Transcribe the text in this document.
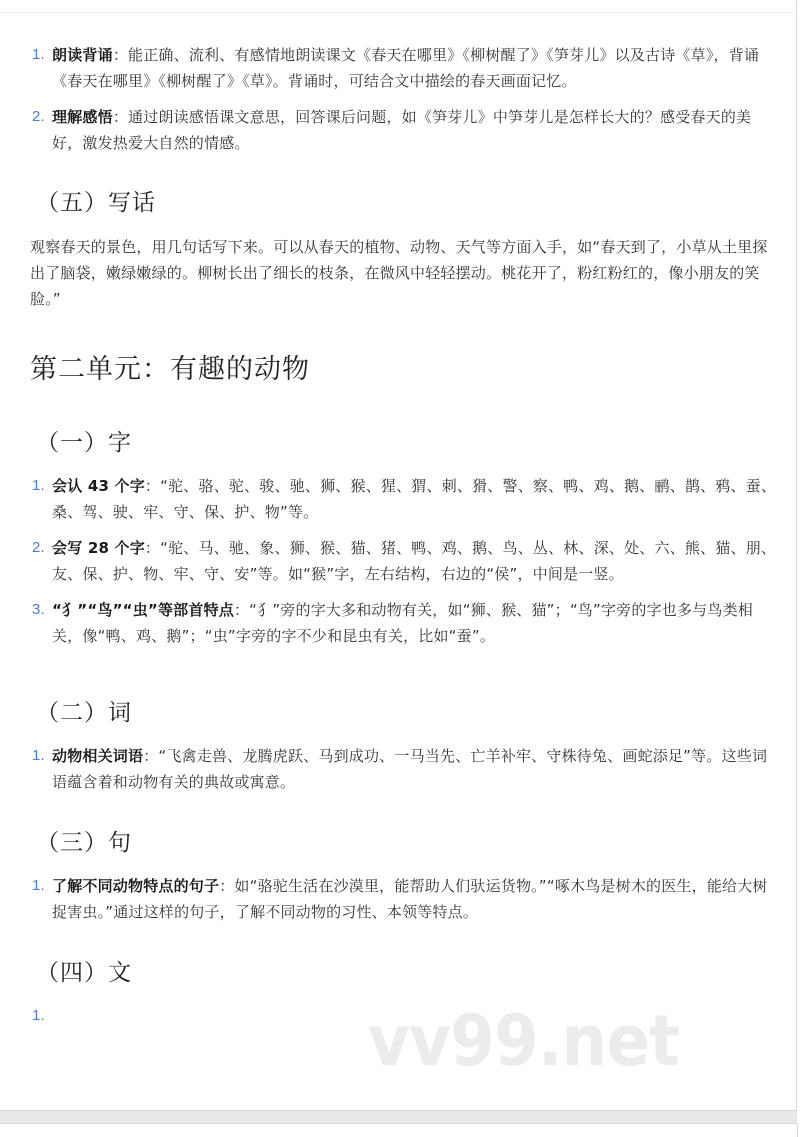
1. 朗读背诵：能正确、流利、有感情地朗读课文《春天在哪里》《柳树醒了》《笋芽儿》以及古诗《草》，背诵《春天在哪里》《柳树醒了》《草》。背诵时，可结合文中描绘的春天画面记忆。
2. 理解感悟：通过朗读感悟课文意思，回答课后问题，如《笋芽儿》中笋芽儿是怎样长大的？感受春天的美好，激发热爱大自然的情感。
（五）写话

观察春天的景色，用几句话写下来。可以从春天的植物、动物、天气等方面入手，如“春天到了，小草从土里探出了脑袋，嫩绿嫩绿的。柳树长出了细长的枝条，在微风中轻轻摆动。桃花开了，粉红粉红的，像小朋友的笑脸。”

第二单元：有趣的动物
（一）字
1. 会认 43 个字：“驼、骆、驼、骏、驰、狮、猴、猩、猬、刺、猾、警、察、鸭、鸡、鹅、鹂、鹊、鸦、蚕、桑、驾、驶、牢、守、保、护、物”等。
2. 会写 28 个字：“驼、马、驰、象、狮、猴、猫、猪、鸭、鸡、鹅、鸟、丛、林、深、处、六、熊、猫、朋、友、保、护、物、牢、守、安”等。如“猴”字，左右结构，右边的“侯”，中间是一竖。
3. “犭”“鸟”“虫”等部首特点：“犭”旁的字大多和动物有关，如“狮、猴、猫”；“鸟”字旁的字也多与鸟类相关，像“鸭、鸡、鹅”；“虫”字旁的字不少和昆虫有关，比如“蚕”。
（二）词
1. 动物相关词语：“飞禽走兽、龙腾虎跃、马到成功、一马当先、亡羊补牢、守株待兔、画蛇添足”等。这些词语蕴含着和动物有关的典故或寓意。
（三）句
1. 了解不同动物特点的句子：如“骆驼生活在沙漠里，能帮助人们驮运货物。”“啄木鸟是树木的医生，能给大树捉害虫。”通过这样的句子，了解不同动物的习性、本领等特点。
（四）文
1.	vv99.net
